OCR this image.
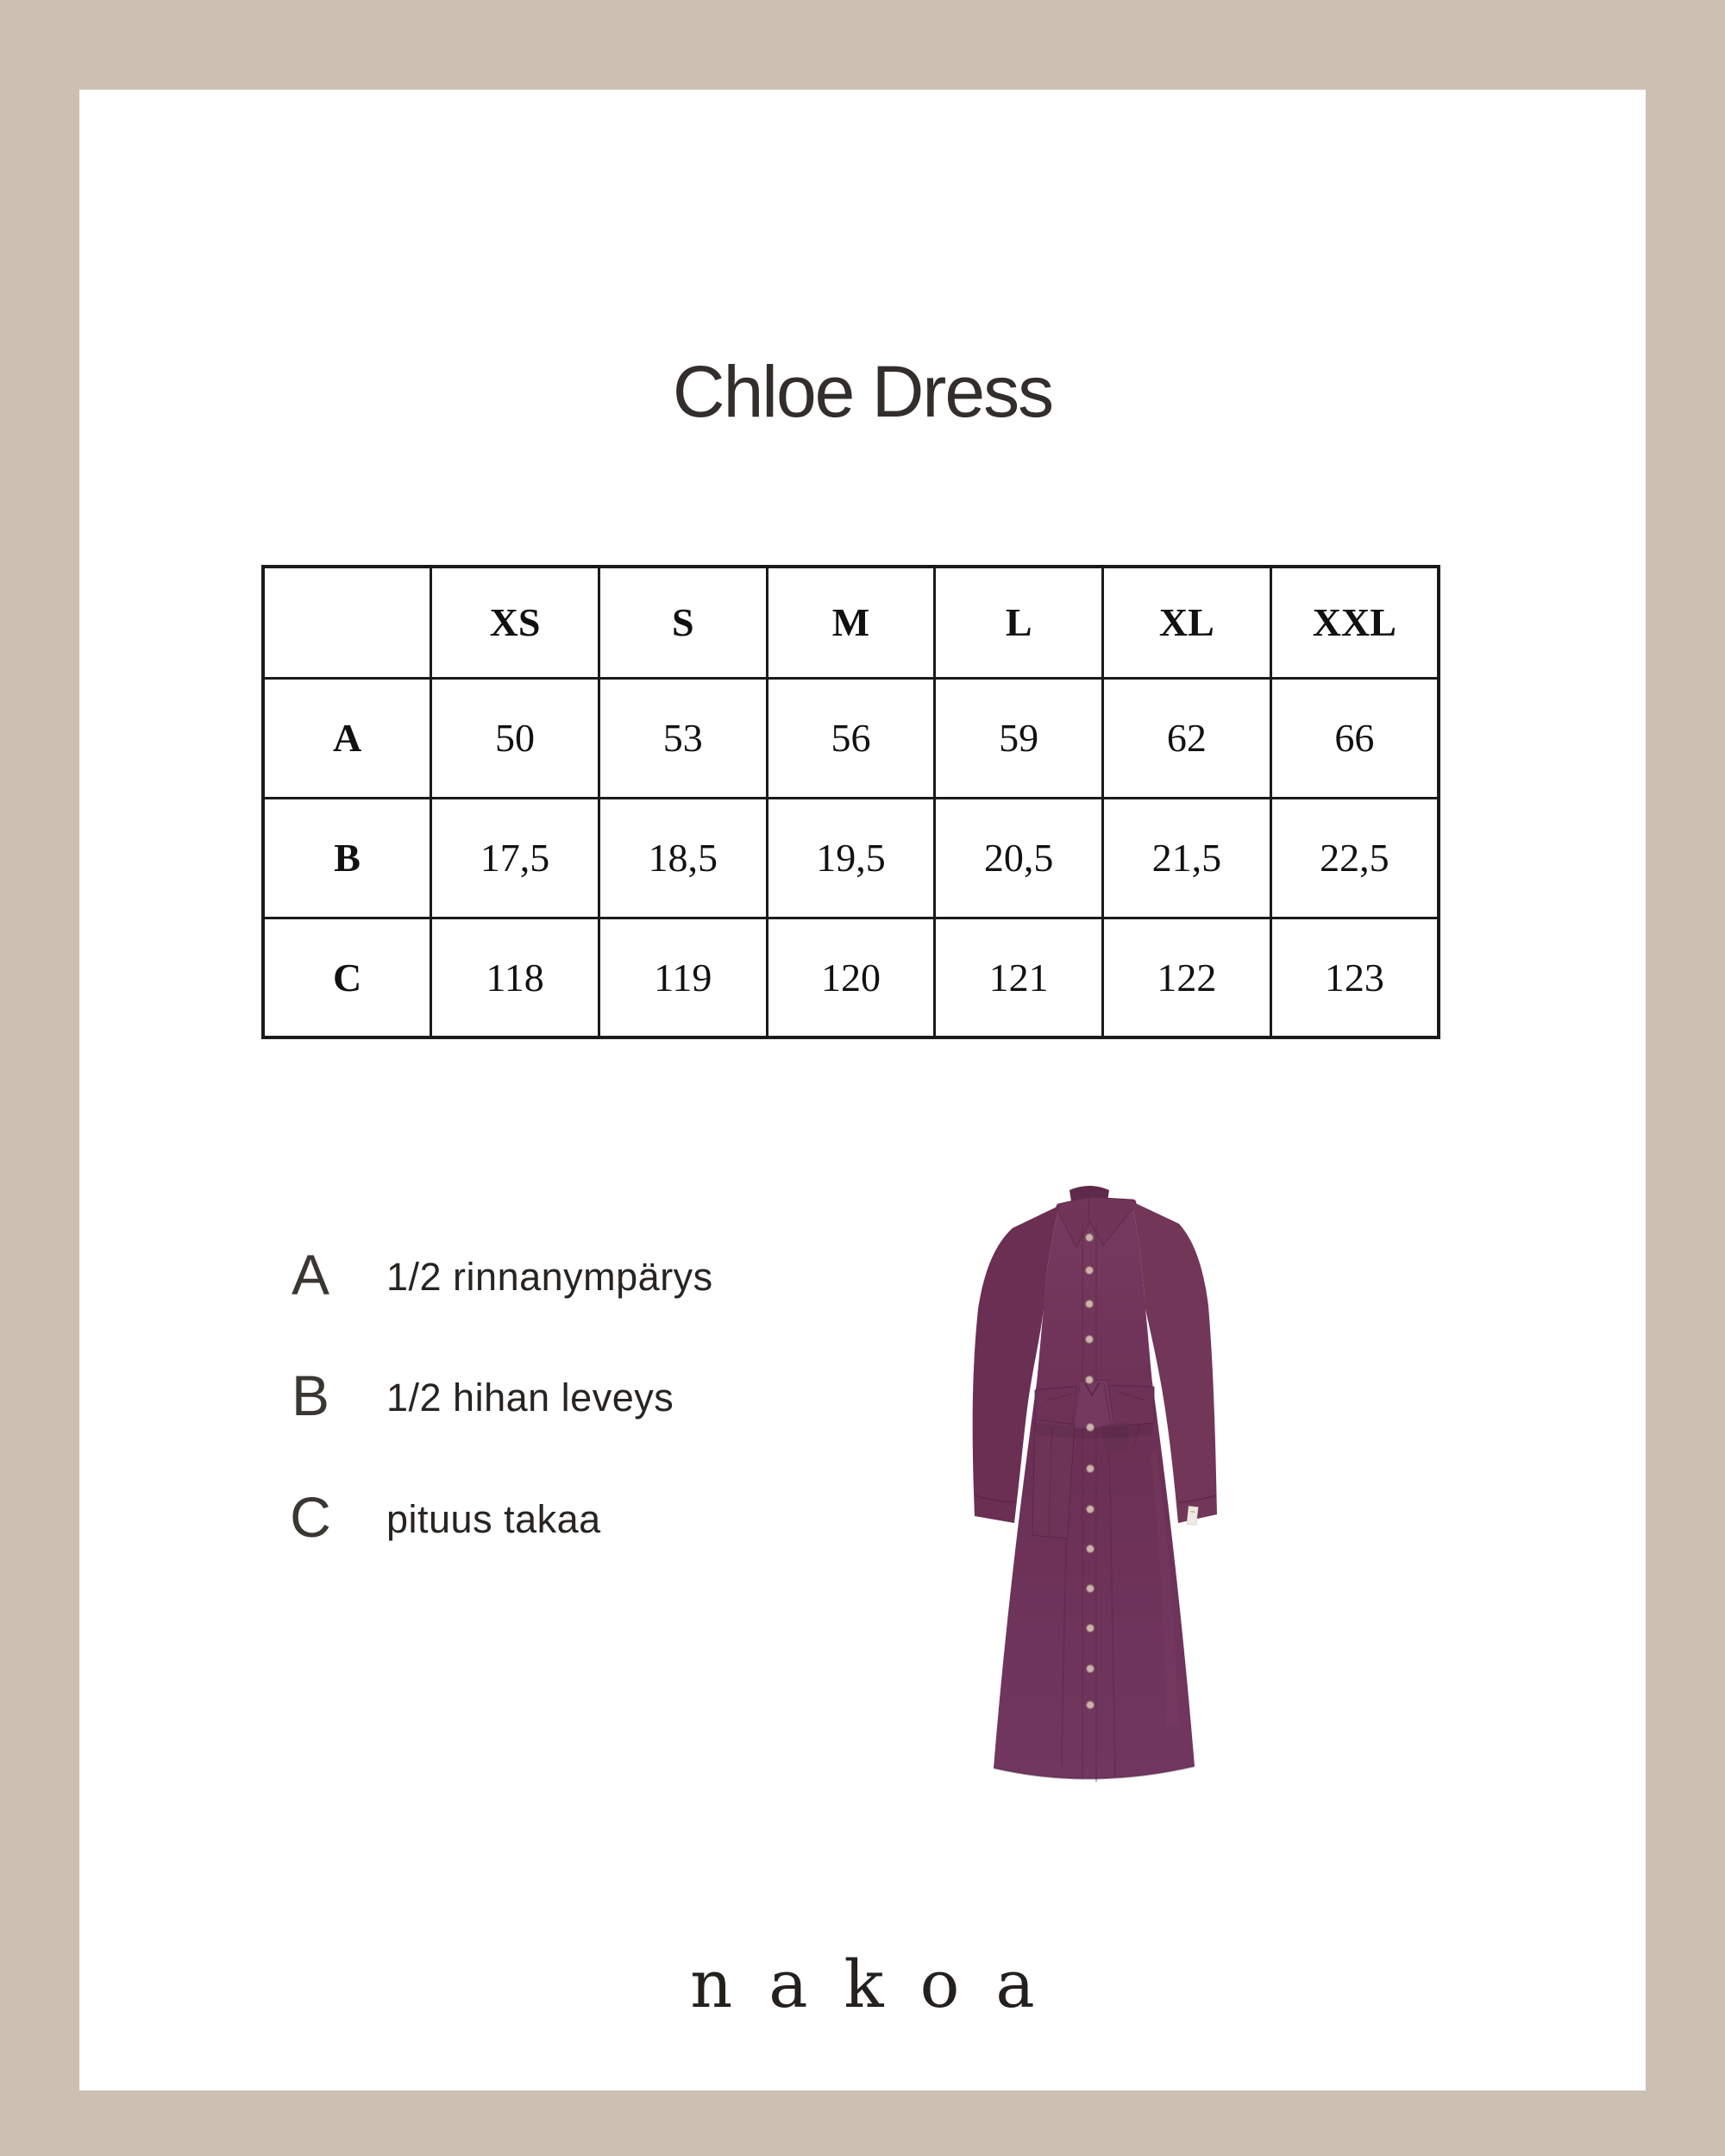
Chloe Dress
	XS	S	M	L	XL	XXL
A	50	53	56	59	62	66
B	17,5	18,5	19,5	20,5	21,5	22,5
C	118	119	120	121	122	123
A	1/2 rinnanympärys
B	1/2 hihan leveys
C	pituus takaa
nakoa
